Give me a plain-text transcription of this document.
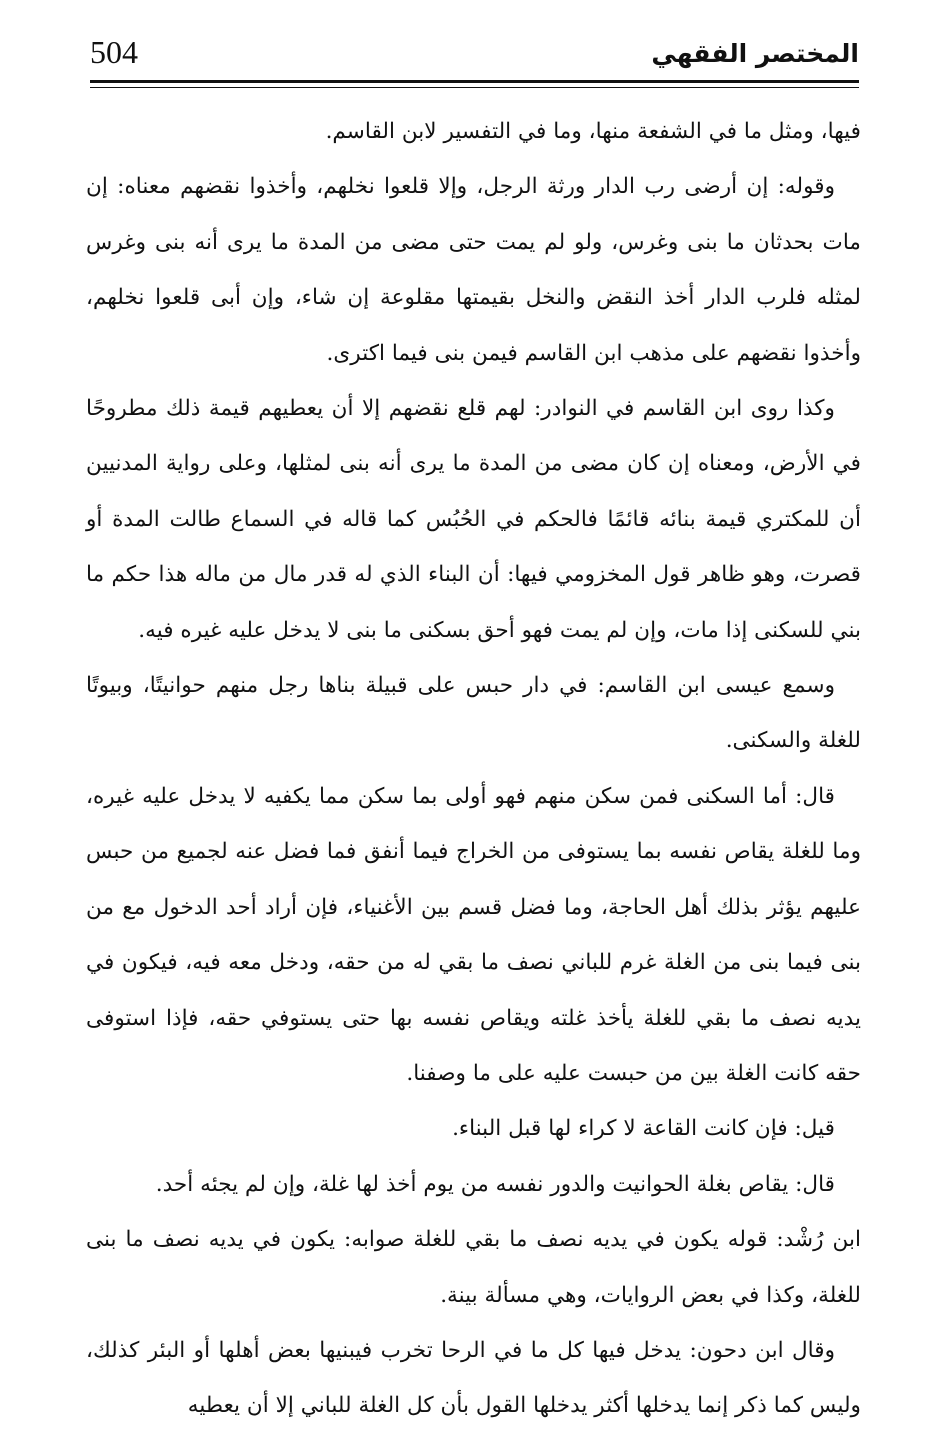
504	المختصر الفقهي

فيها، ومثل ما في الشفعة منها، وما في التفسير لابن القاسم.

وقوله: إن أرضى رب الدار ورثة الرجل، وإلا قلعوا نخلهم، وأخذوا نقضهم معناه: إن مات بحدثان ما بنى وغرس، ولو لم يمت حتى مضى من المدة ما يرى أنه بنى وغرس لمثله فلرب الدار أخذ النقض والنخل بقيمتها مقلوعة إن شاء، وإن أبى قلعوا نخلهم، وأخذوا نقضهم على مذهب ابن القاسم فيمن بنى فيما اكترى.

وكذا روى ابن القاسم في النوادر: لهم قلع نقضهم إلا أن يعطيهم قيمة ذلك مطروحًا في الأرض، ومعناه إن كان مضى من المدة ما يرى أنه بنى لمثلها، وعلى رواية المدنيين أن للمكتري قيمة بنائه قائمًا فالحكم في الحُبُس كما قاله في السماع طالت المدة أو قصرت، وهو ظاهر قول المخزومي فيها: أن البناء الذي له قدر مال من ماله هذا حكم ما بني للسكنى إذا مات، وإن لم يمت فهو أحق بسكنى ما بنى لا يدخل عليه غيره فيه.

وسمع عيسى ابن القاسم: في دار حبس على قبيلة بناها رجل منهم حوانيتًا، وبيوتًا للغلة والسكنى.

قال: أما السكنى فمن سكن منهم فهو أولى بما سكن مما يكفيه لا يدخل عليه غيره، وما للغلة يقاص نفسه بما يستوفى من الخراج فيما أنفق فما فضل عنه لجميع من حبس عليهم يؤثر بذلك أهل الحاجة، وما فضل قسم بين الأغنياء، فإن أراد أحد الدخول مع من بنى فيما بنى من الغلة غرم للباني نصف ما بقي له من حقه، ودخل معه فيه، فيكون في يديه نصف ما بقي للغلة يأخذ غلته ويقاص نفسه بها حتى يستوفي حقه، فإذا استوفى حقه كانت الغلة بين من حبست عليه على ما وصفنا.

قيل: فإن كانت القاعة لا كراء لها قبل البناء.

قال: يقاص بغلة الحوانيت والدور نفسه من يوم أخذ لها غلة، وإن لم يجئه أحد.

ابن رُشْد: قوله يكون في يديه نصف ما بقي للغلة صوابه: يكون في يديه نصف ما بنى للغلة، وكذا في بعض الروايات، وهي مسألة بينة.

وقال ابن دحون: يدخل فيها كل ما في الرحا تخرب فيبنيها بعض أهلها أو البئر كذلك، وليس كما ذكر إنما يدخلها أكثر يدخلها القول بأن كل الغلة للباني إلا أن يعطيه
